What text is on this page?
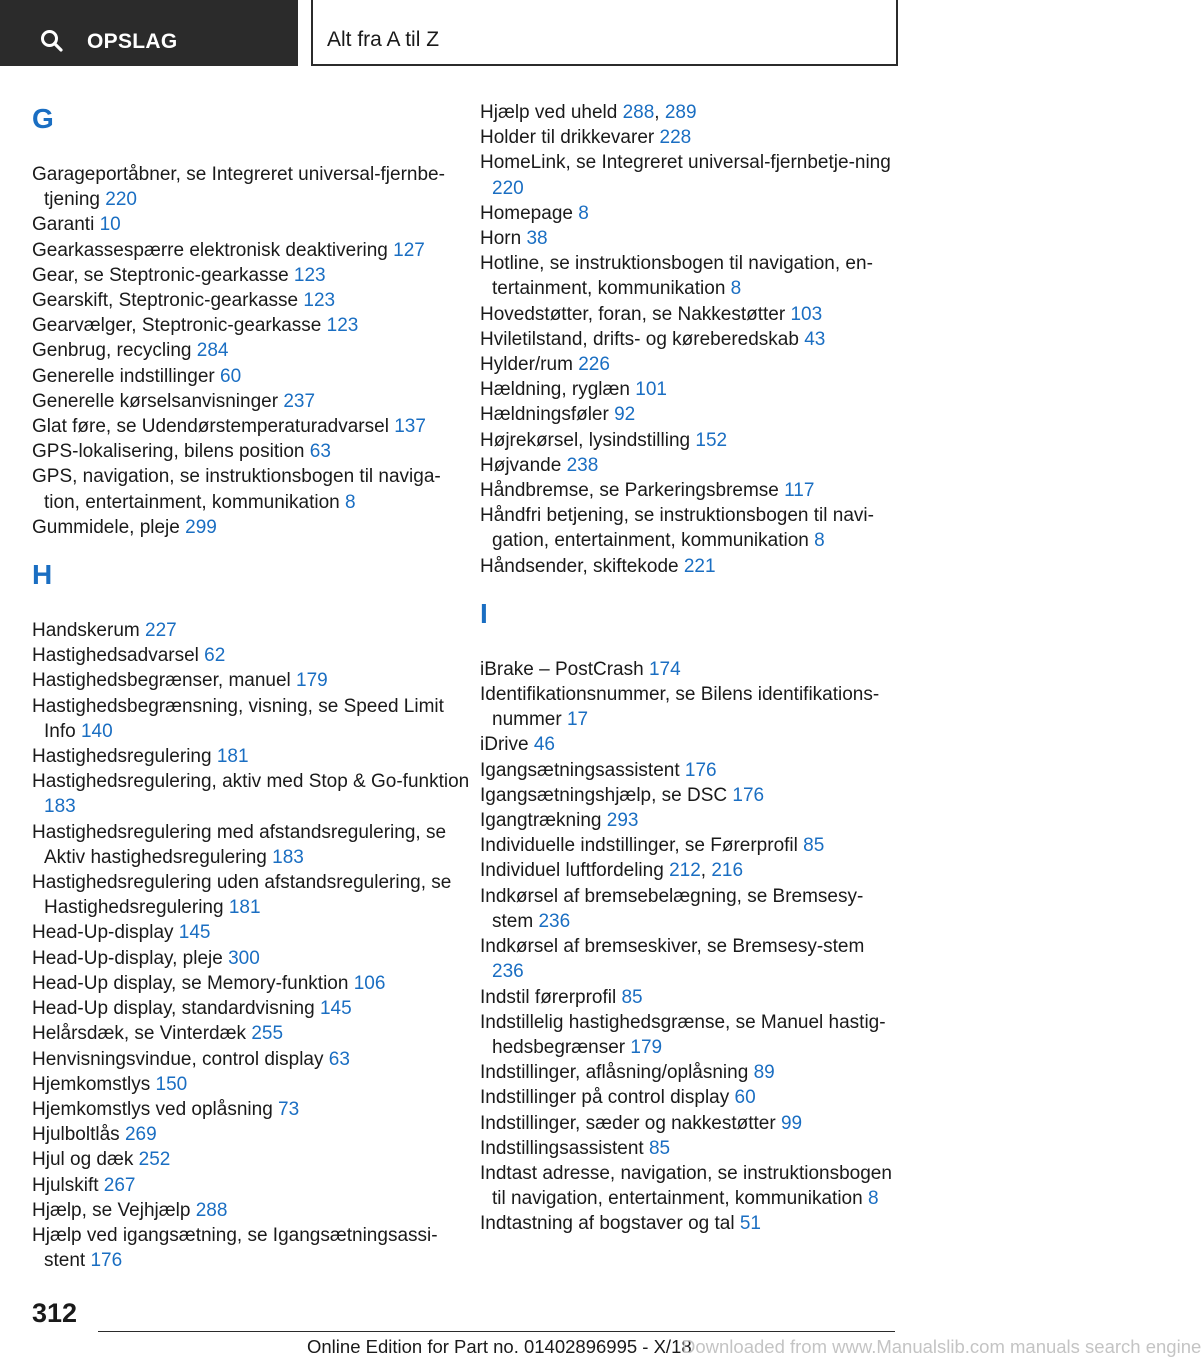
OPSLAG	Alt fra A til Z
G
Garageportåbner, se Integreret universal-fjernbe-tjening 220
Garanti 10
Gearkassespærre elektronisk deaktivering 127
Gear, se Steptronic-gearkasse 123
Gearskift, Steptronic-gearkasse 123
Gearvælger, Steptronic-gearkasse 123
Genbrug, recycling 284
Generelle indstillinger 60
Generelle kørselsanvisninger 237
Glat føre, se Udendørstemperaturadvarsel 137
GPS-lokalisering, bilens position 63
GPS, navigation, se instruktionsbogen til naviga-tion, entertainment, kommunikation 8
Gummidele, pleje 299
H
Handskerum 227
Hastighedsadvarsel 62
Hastighedsbegrænser, manuel 179
Hastighedsbegrænsning, visning, se Speed Limit Info 140
Hastighedsregulering 181
Hastighedsregulering, aktiv med Stop & Go-funktion 183
Hastighedsregulering med afstandsregulering, se Aktiv hastighedsregulering 183
Hastighedsregulering uden afstandsregulering, se Hastighedsregulering 181
Head-Up-display 145
Head-Up-display, pleje 300
Head-Up display, se Memory-funktion 106
Head-Up display, standardvisning 145
Helårsdæk, se Vinterdæk 255
Henvisningsvindue, control display 63
Hjemkomstlys 150
Hjemkomstlys ved oplåsning 73
Hjulboltlås 269
Hjul og dæk 252
Hjulskift 267
Hjælp, se Vejhjælp 288
Hjælp ved igangsætning, se Igangsætningsassi-stent 176
Hjælp ved uheld 288, 289
Holder til drikkevarer 228
HomeLink, se Integreret universal-fjernbetje-ning 220
Homepage 8
Horn 38
Hotline, se instruktionsbogen til navigation, en-tertainment, kommunikation 8
Hovedstøtter, foran, se Nakkestøtter 103
Hviletilstand, drifts- og køreberedskab 43
Hylder/rum 226
Hældning, ryglæn 101
Hældningsføler 92
Højrekørsel, lysindstilling 152
Højvande 238
Håndbremse, se Parkeringsbremse 117
Håndfri betjening, se instruktionsbogen til navi-gation, entertainment, kommunikation 8
Håndsender, skiftekode 221
I
iBrake – PostCrash 174
Identifikationsnummer, se Bilens identifikations-nummer 17
iDrive 46
Igangsætningsassistent 176
Igangsætningshjælp, se DSC 176
Igangtrækning 293
Individuelle indstillinger, se Førerprofil 85
Individuel luftfordeling 212, 216
Indkørsel af bremsebelægning, se Bremsesy-stem 236
Indkørsel af bremseskiver, se Bremsesy-stem 236
Indstil førerprofil 85
Indstillelig hastighedsgrænse, se Manuel hastig-hedsbegrænser 179
Indstillinger, aflåsning/oplåsning 89
Indstillinger på control display 60
Indstillinger, sæder og nakkestøtter 99
Indstillingsassistent 85
Indtast adresse, navigation, se instruktionsbogen til navigation, entertainment, kommunikation 8
Indtastning af bogstaver og tal 51
312
Online Edition for Part no. 01402896995 - X/18
Downloaded from www.Manualslib.com manuals search engine
